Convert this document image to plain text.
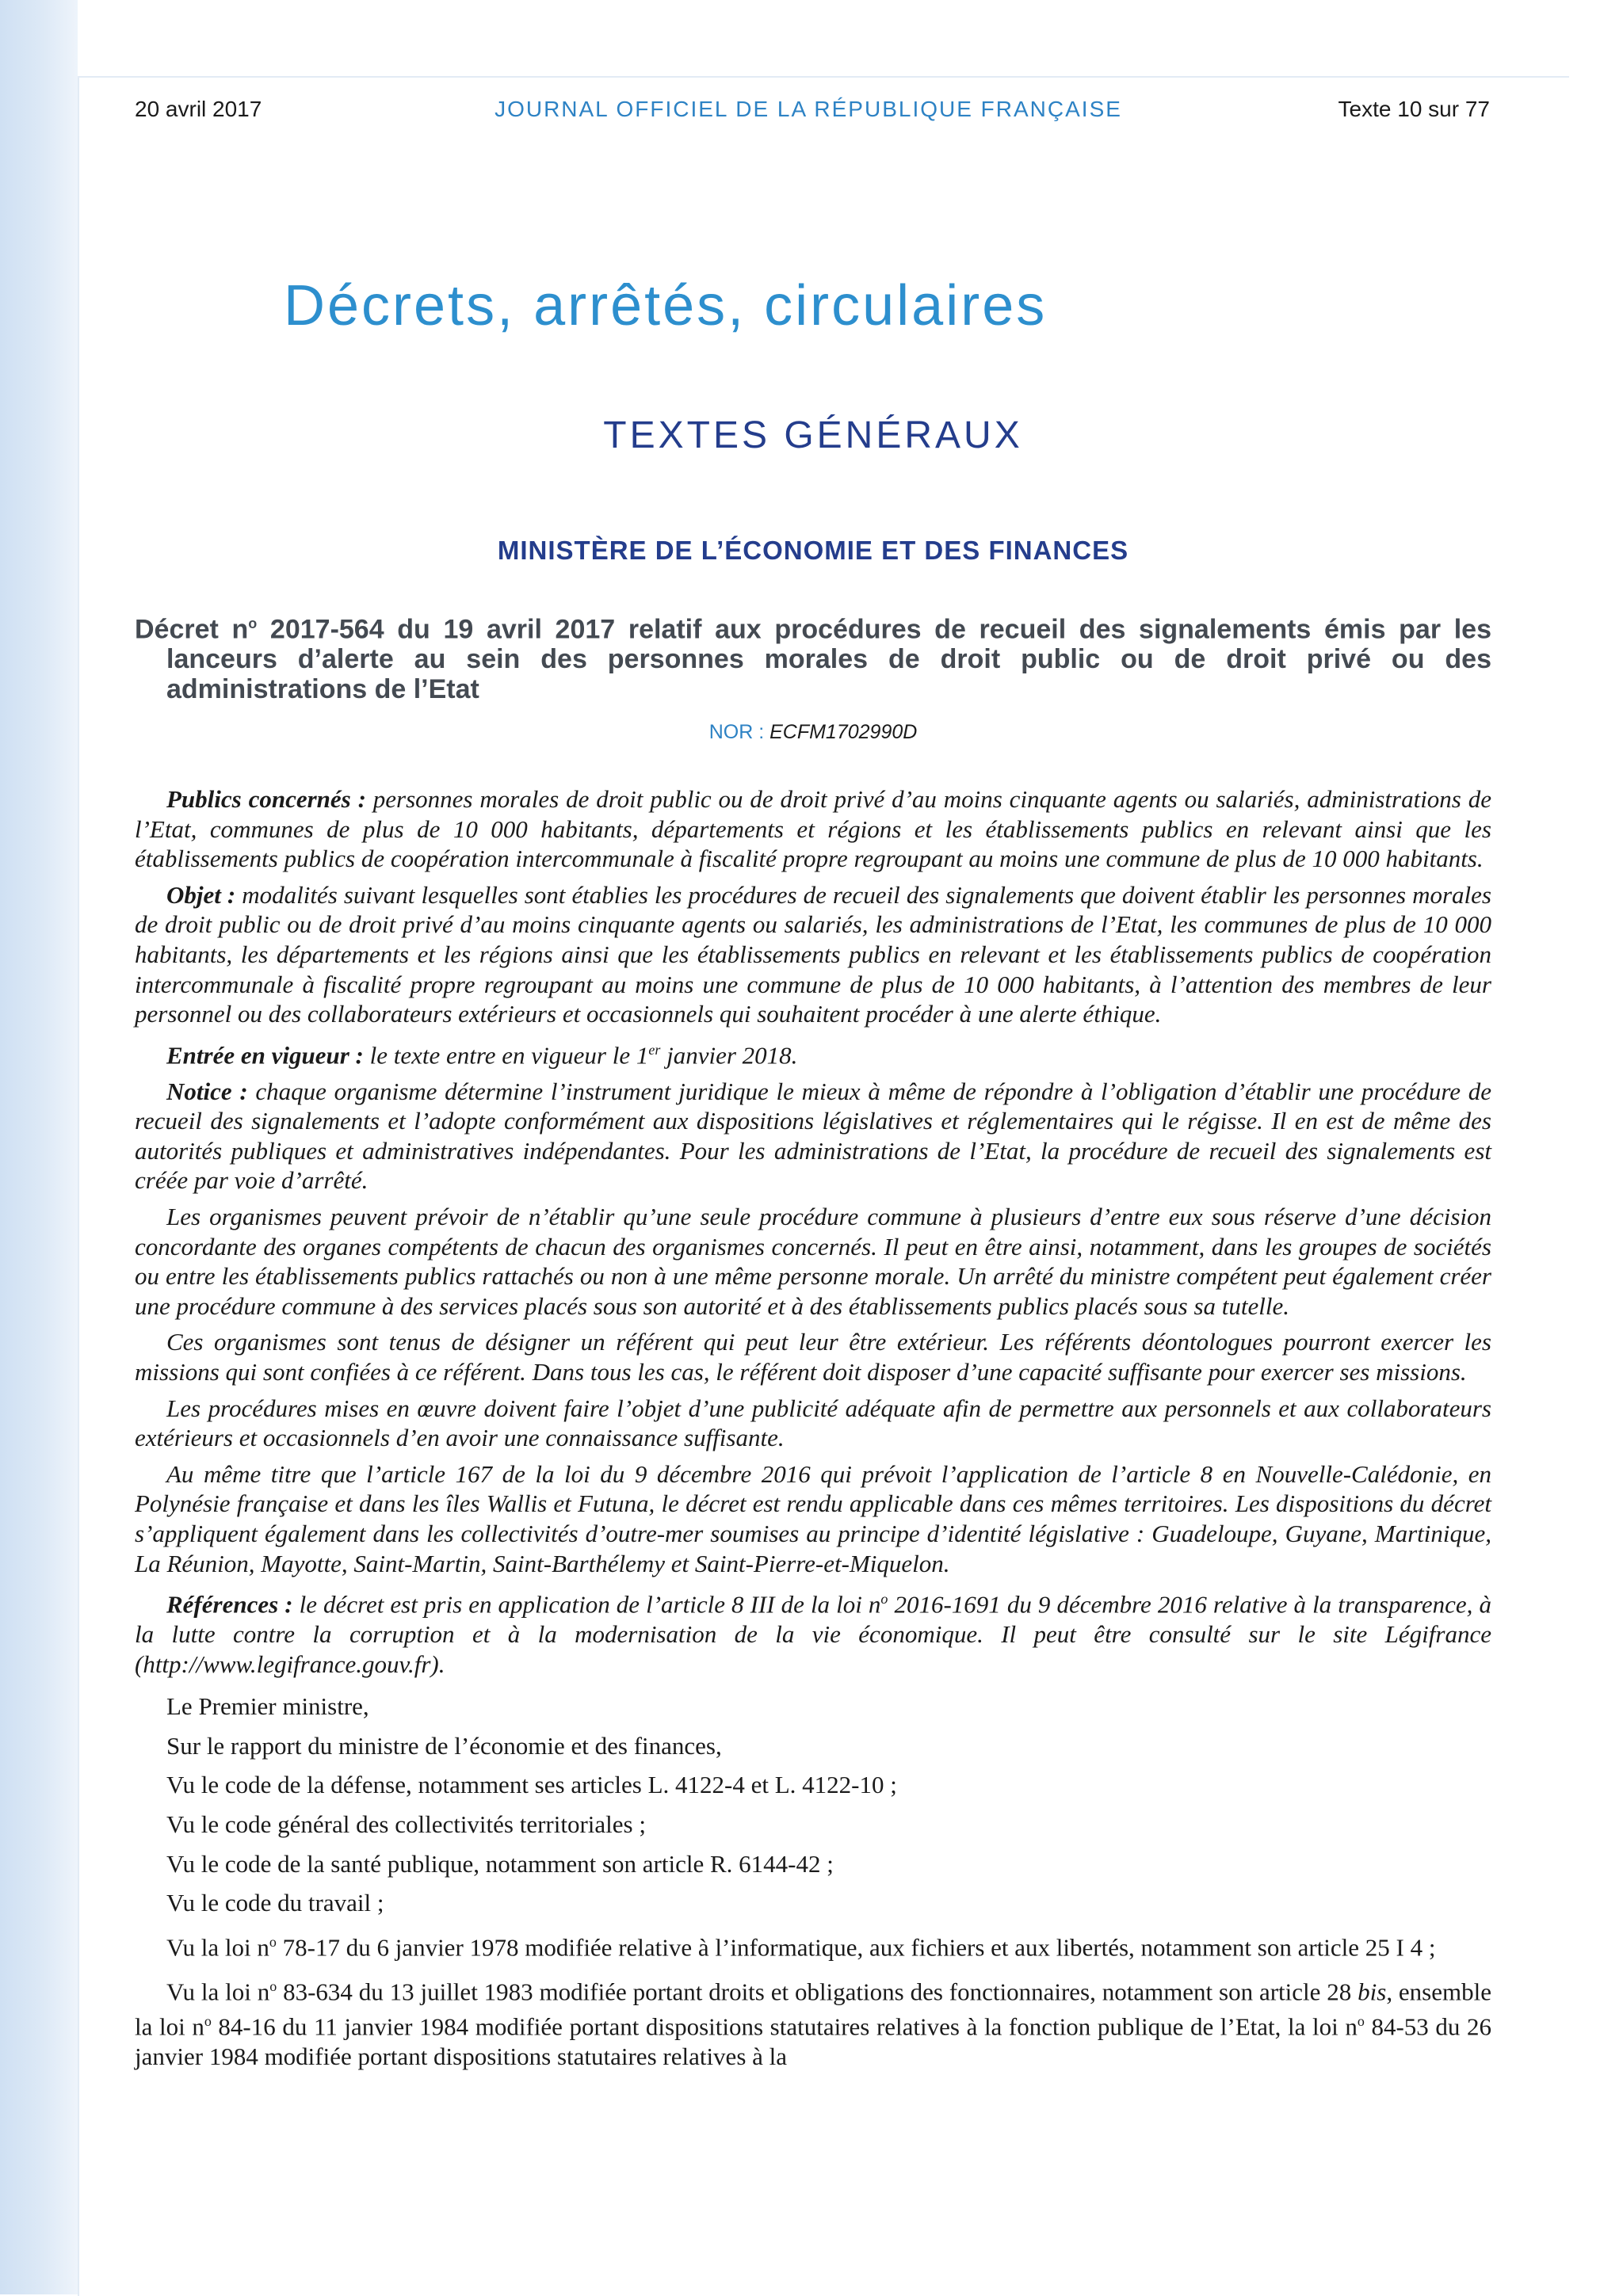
20 avril 2017	JOURNAL OFFICIEL DE LA RÉPUBLIQUE FRANÇAISE	Texte 10 sur 77
Décrets, arrêtés, circulaires
TEXTES GÉNÉRAUX
MINISTÈRE DE L’ÉCONOMIE ET DES FINANCES
Décret $n^o$ 2017-564 du 19 avril 2017 relatif aux procédures de recueil des signalements émis par les lanceurs d’alerte au sein des personnes morales de droit public ou de droit privé ou des administrations de l’Etat
NOR : ECFM1702990D

Publics concernés : personnes morales de droit public ou de droit privé d’au moins cinquante agents ou salariés, administrations de l’Etat, communes de plus de 10 000 habitants, départements et régions et les établissements publics en relevant ainsi que les établissements publics de coopération intercommunale à fiscalité propre regroupant au moins une commune de plus de 10 000 habitants.

Objet : modalités suivant lesquelles sont établies les procédures de recueil des signalements que doivent établir les personnes morales de droit public ou de droit privé d’au moins cinquante agents ou salariés, les administrations de l’Etat, les communes de plus de 10 000 habitants, les départements et les régions ainsi que les établissements publics en relevant et les établissements publics de coopération intercommunale à fiscalité propre regroupant au moins une commune de plus de 10 000 habitants, à l’attention des membres de leur personnel ou des collaborateurs extérieurs et occasionnels qui souhaitent procéder à une alerte éthique.

Entrée en vigueur : le texte entre en vigueur le 1er janvier 2018.

Notice : chaque organisme détermine l’instrument juridique le mieux à même de répondre à l’obligation d’établir une procédure de recueil des signalements et l’adopte conformément aux dispositions législatives et réglementaires qui le régisse. Il en est de même des autorités publiques et administratives indépendantes. Pour les administrations de l’Etat, la procédure de recueil des signalements est créée par voie d’arrêté.

Les organismes peuvent prévoir de n’établir qu’une seule procédure commune à plusieurs d’entre eux sous réserve d’une décision concordante des organes compétents de chacun des organismes concernés. Il peut en être ainsi, notamment, dans les groupes de sociétés ou entre les établissements publics rattachés ou non à une même personne morale. Un arrêté du ministre compétent peut également créer une procédure commune à des services placés sous son autorité et à des établissements publics placés sous sa tutelle.

Ces organismes sont tenus de désigner un référent qui peut leur être extérieur. Les référents déontologues pourront exercer les missions qui sont confiées à ce référent. Dans tous les cas, le référent doit disposer d’une capacité suffisante pour exercer ses missions.

Les procédures mises en œuvre doivent faire l’objet d’une publicité adéquate afin de permettre aux personnels et aux collaborateurs extérieurs et occasionnels d’en avoir une connaissance suffisante.

Au même titre que l’article 167 de la loi du 9 décembre 2016 qui prévoit l’application de l’article 8 en Nouvelle-Calédonie, en Polynésie française et dans les îles Wallis et Futuna, le décret est rendu applicable dans ces mêmes territoires. Les dispositions du décret s’appliquent également dans les collectivités d’outre-mer soumises au principe d’identité législative : Guadeloupe, Guyane, Martinique, La Réunion, Mayotte, Saint-Martin, Saint-Barthélemy et Saint-Pierre-et-Miquelon.

Références : le décret est pris en application de l’article 8 III de la loi $n^o$ 2016-1691 du 9 décembre 2016 relative à la transparence, à la lutte contre la corruption et à la modernisation de la vie économique. Il peut être consulté sur le site Légifrance (http://www.legifrance.gouv.fr).

Le Premier ministre,

Sur le rapport du ministre de l’économie et des finances,

Vu le code de la défense, notamment ses articles L. 4122-4 et L. 4122-10 ;

Vu le code général des collectivités territoriales ;

Vu le code de la santé publique, notamment son article R. 6144-42 ;

Vu le code du travail ;

Vu la loi $n^o$ 78-17 du 6 janvier 1978 modifiée relative à l’informatique, aux fichiers et aux libertés, notamment son article 25 I 4 ;

Vu la loi $n^o$ 83-634 du 13 juillet 1983 modifiée portant droits et obligations des fonctionnaires, notamment son article 28 bis, ensemble la loi $n^o$ 84-16 du 11 janvier 1984 modifiée portant dispositions statutaires relatives à la fonction publique de l’Etat, la loi $n^o$ 84-53 du 26 janvier 1984 modifiée portant dispositions statutaires relatives à la
